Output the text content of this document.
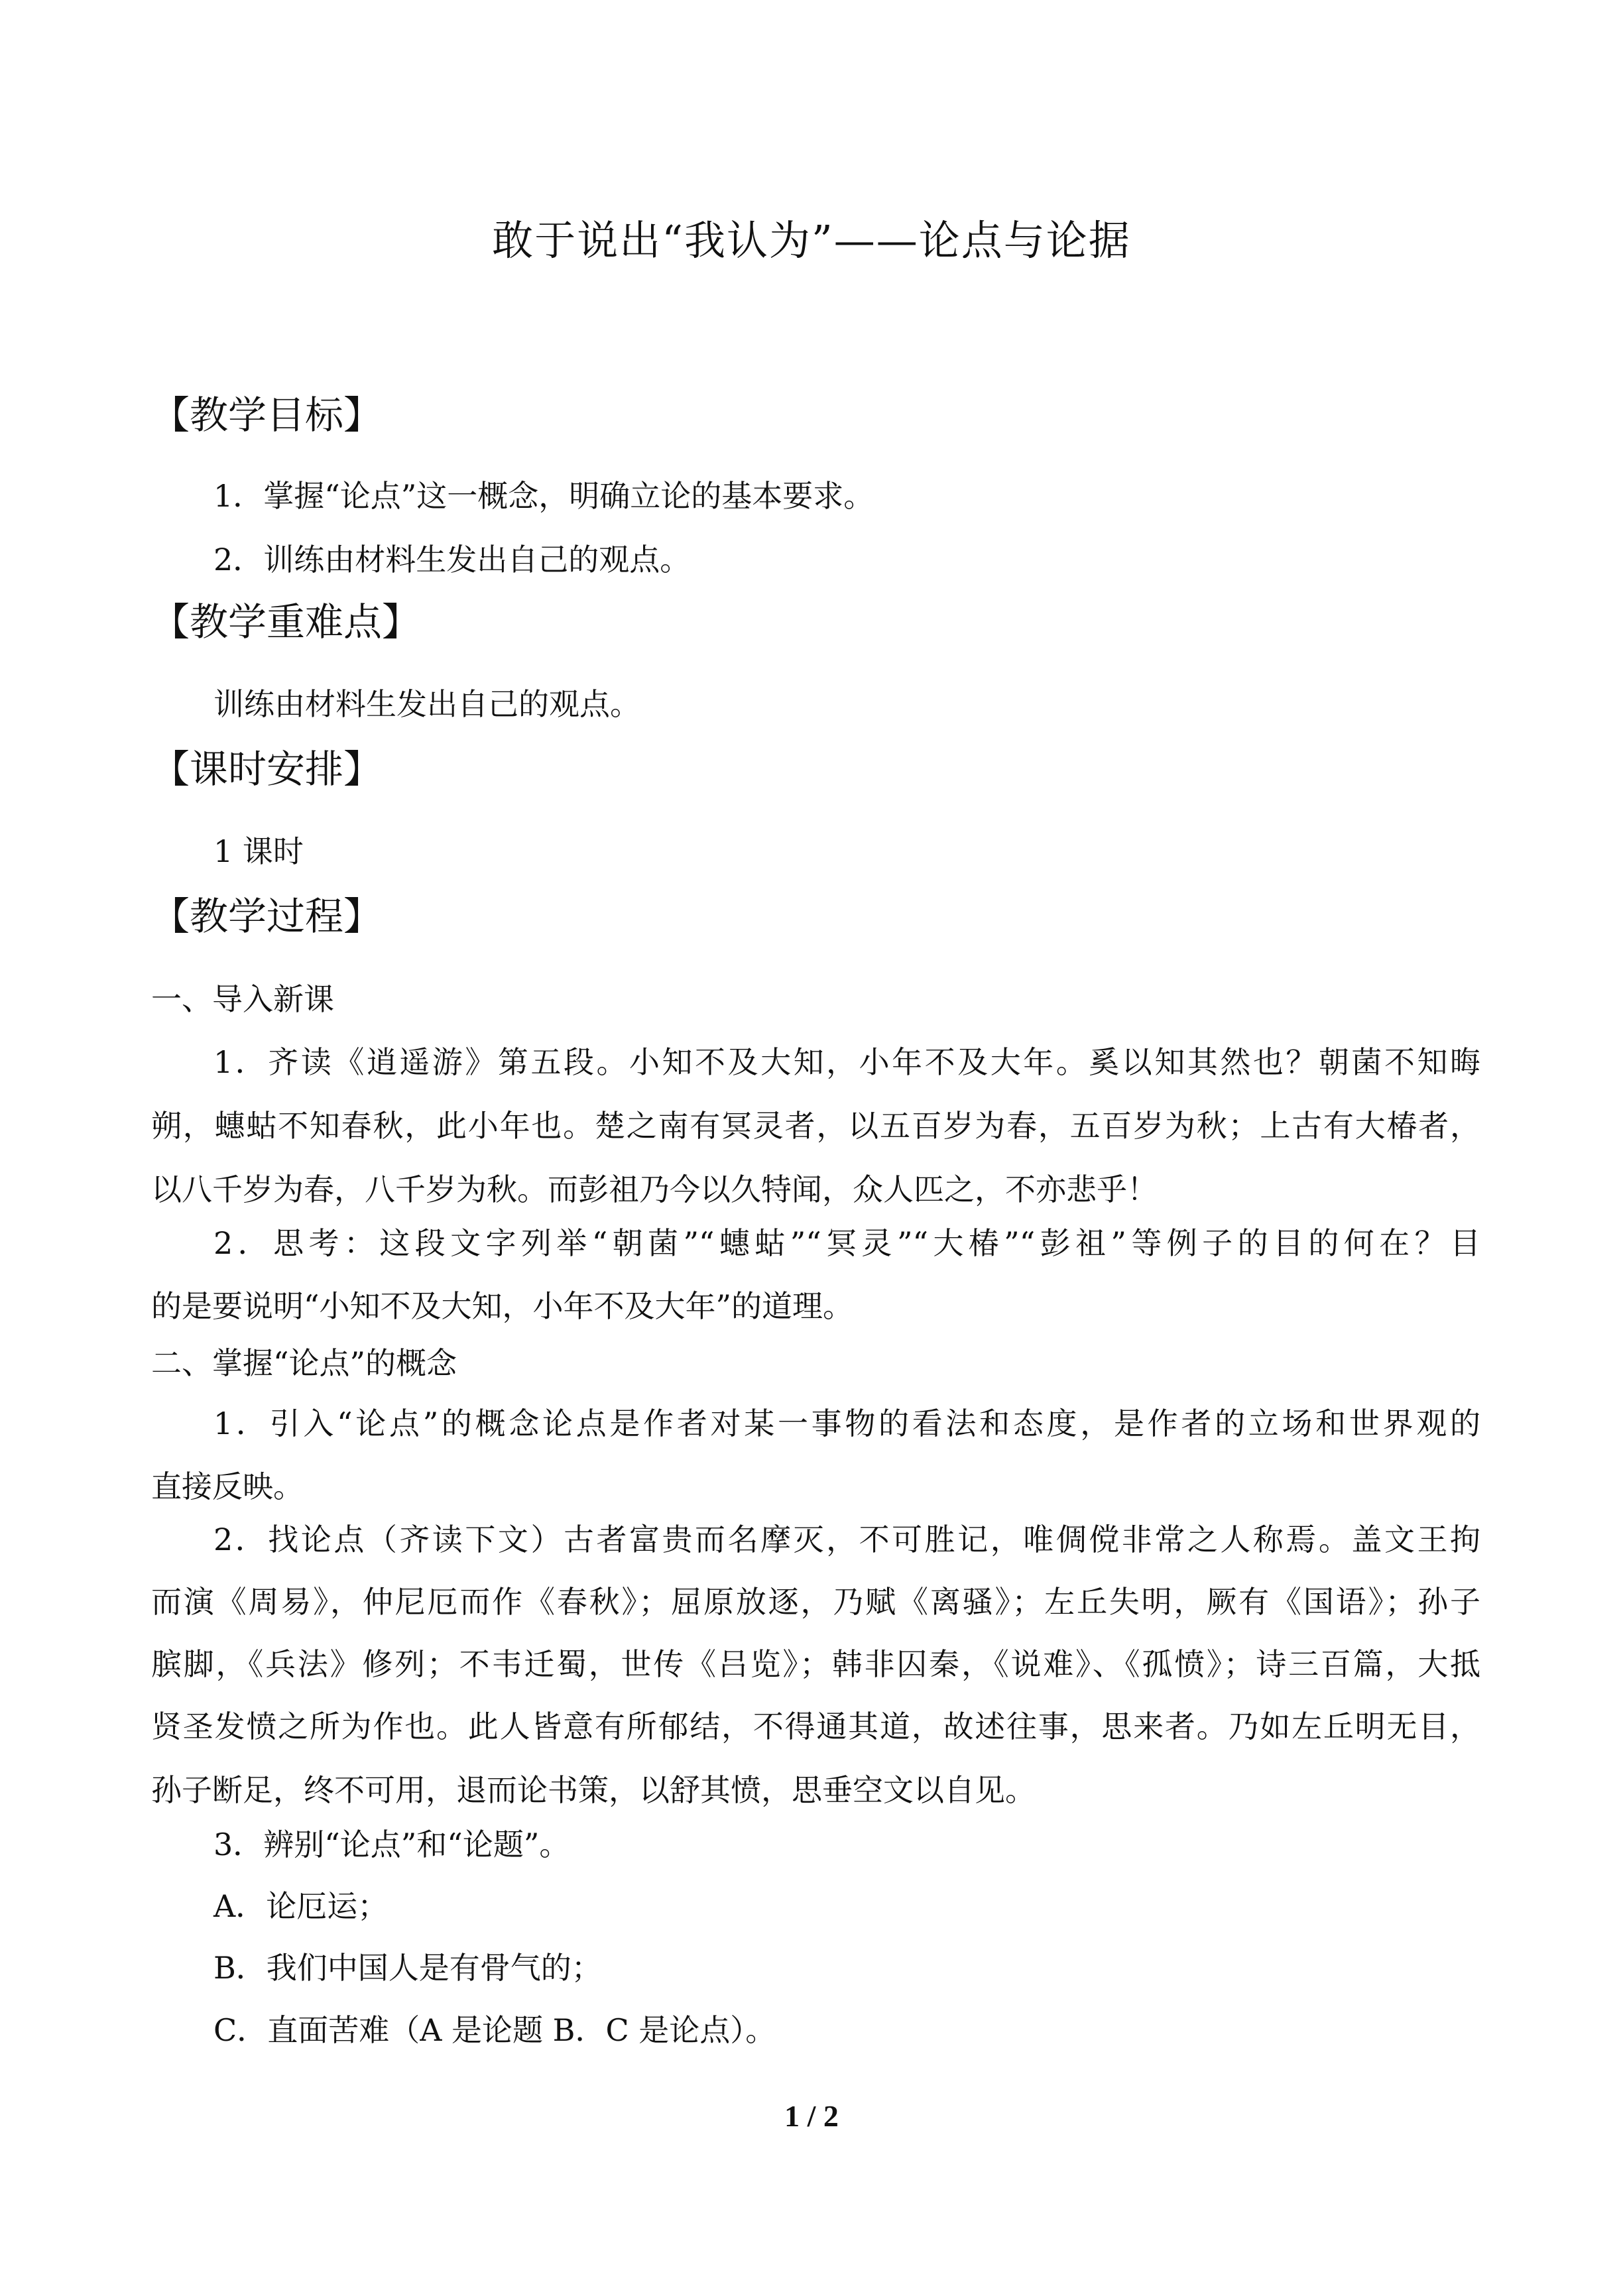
敢于说出“我认为”——论点与论据
【教学目标】
1．掌握“论点”这一概念，明确立论的基本要求。
2．训练由材料生发出自己的观点。
【教学重难点】
训练由材料生发出自己的观点。
【课时安排】
1 课时
【教学过程】
一、导入新课
1．齐读《逍遥游》第五段。小知不及大知，小年不及大年。奚以知其然也？朝菌不知晦
朔，蟪蛄不知春秋，此小年也。楚之南有冥灵者，以五百岁为春，五百岁为秋；上古有大椿者，
以八千岁为春，八千岁为秋。而彭祖乃今以久特闻，众人匹之，不亦悲乎！
2．思考：这段文字列举“朝菌”“蟪蛄”“冥灵”“大椿”“彭祖”等例子的目的何在？目
的是要说明“小知不及大知，小年不及大年”的道理。
二、掌握“论点”的概念
1．引入“论点”的概念论点是作者对某一事物的看法和态度，是作者的立场和世界观的
直接反映。
2．找论点（齐读下文）古者富贵而名摩灭，不可胜记，唯倜傥非常之人称焉。盖文王拘
而演《周易》，仲尼厄而作《春秋》；屈原放逐，乃赋《离骚》；左丘失明，厥有《国语》；孙子
膑脚，《兵法》修列；不韦迁蜀，世传《吕览》；韩非囚秦，《说难》、《孤愤》；诗三百篇，大抵
贤圣发愤之所为作也。此人皆意有所郁结，不得通其道，故述往事，思来者。乃如左丘明无目，
孙子断足，终不可用，退而论书策，以舒其愤，思垂空文以自见。
3．辨别“论点”和“论题”。
A．论厄运；
B．我们中国人是有骨气的；
C．直面苦难（A 是论题 B．C 是论点）。
1 / 2
